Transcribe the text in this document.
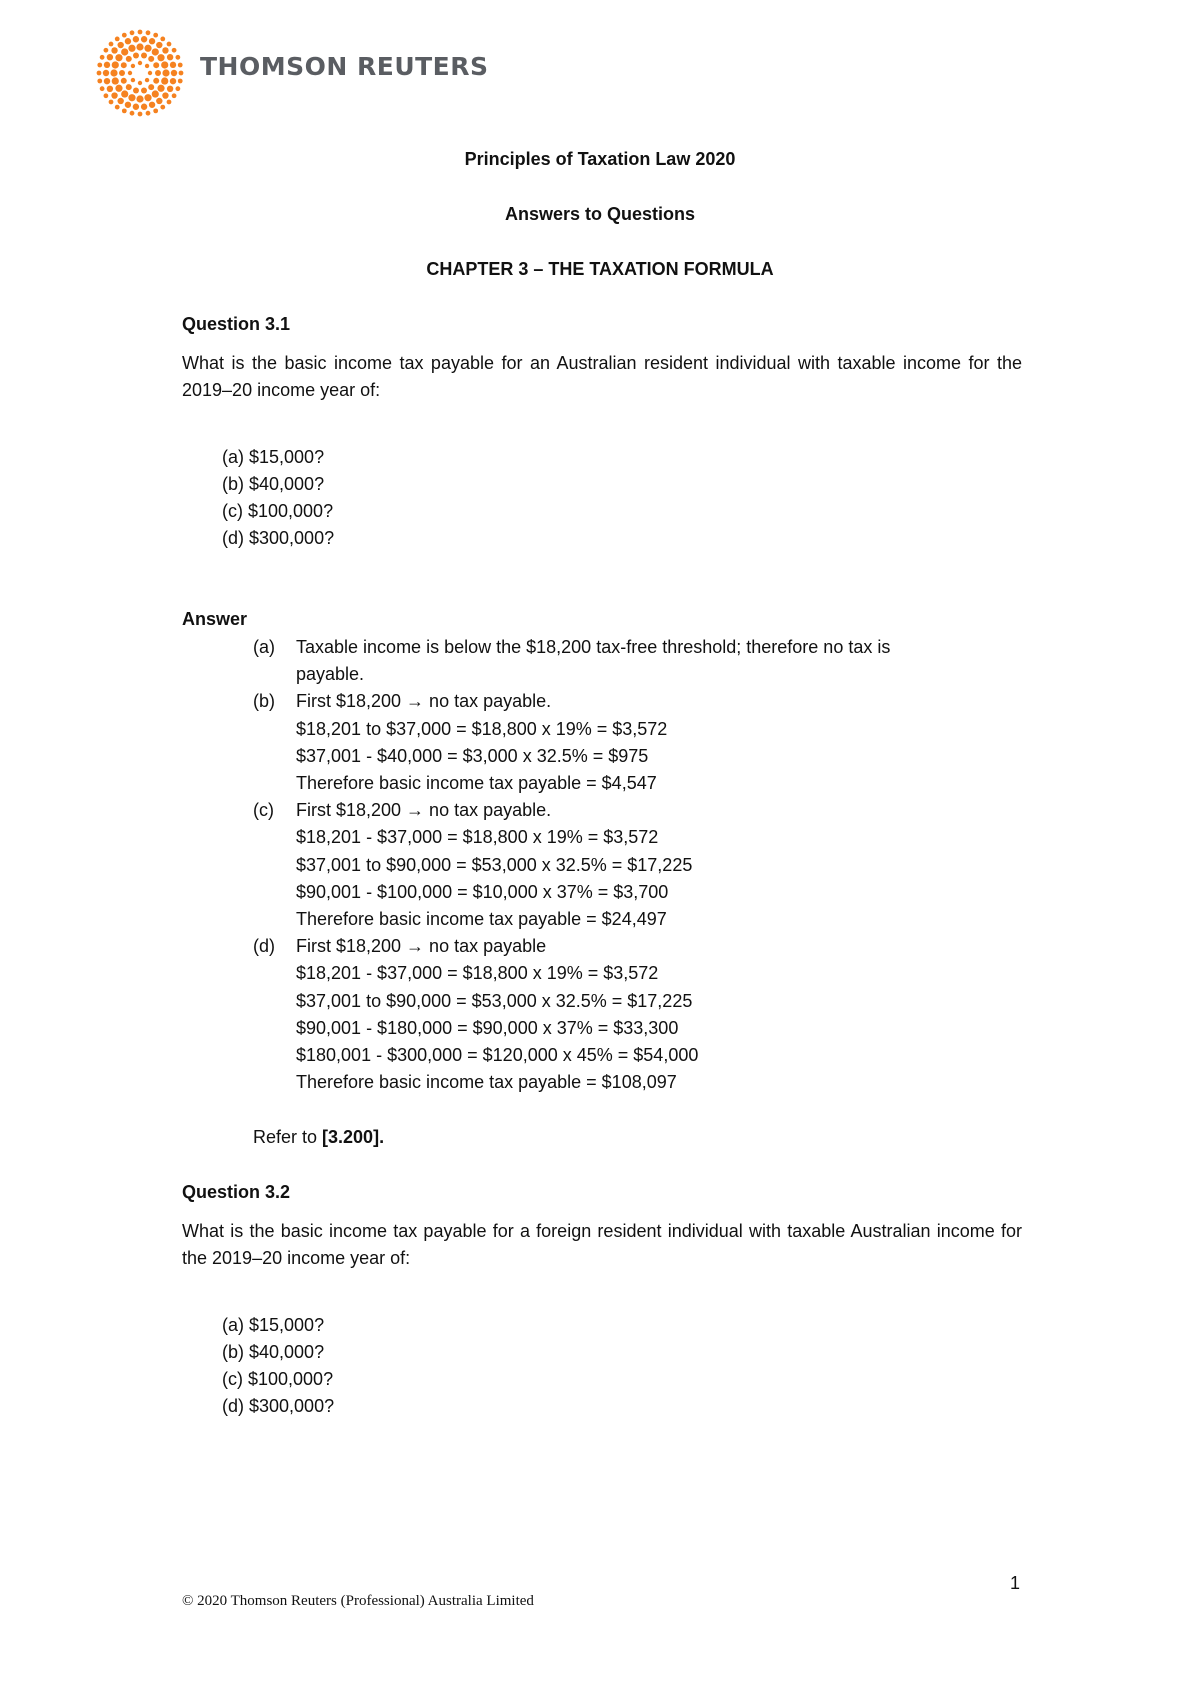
THOMSON REUTERS
Principles of Taxation Law 2020
Answers to Questions
CHAPTER 3 – THE TAXATION FORMULA
Question 3.1
What is the basic income tax payable for an Australian resident individual with taxable income for the 2019–20 income year of:
(a) $15,000?
(b) $40,000?
(c) $100,000?
(d) $300,000?
Answer
(a) Taxable income is below the $18,200 tax-free threshold; therefore no tax is
payable.
(b) First $18,200 → no tax payable.
$18,201 to $37,000 = $18,800 x 19% = $3,572
$37,001 - $40,000 = $3,000 x 32.5% = $975
Therefore basic income tax payable = $4,547
(c) First $18,200 → no tax payable.
$18,201 - $37,000 = $18,800 x 19% = $3,572
$37,001 to $90,000 = $53,000 x 32.5% = $17,225
$90,001 - $100,000 = $10,000 x 37% = $3,700
Therefore basic income tax payable = $24,497
(d) First $18,200 → no tax payable
$18,201 - $37,000 = $18,800 x 19% = $3,572
$37,001 to $90,000 = $53,000 x 32.5% = $17,225
$90,001 - $180,000 = $90,000 x 37% = $33,300
$180,001 - $300,000 = $120,000 x 45% = $54,000
Therefore basic income tax payable = $108,097
Refer to [3.200].
Question 3.2
What is the basic income tax payable for a foreign resident individual with taxable Australian income for the 2019–20 income year of:
(a) $15,000?
(b) $40,000?
(c) $100,000?
(d) $300,000?
1
© 2020 Thomson Reuters (Professional) Australia Limited
